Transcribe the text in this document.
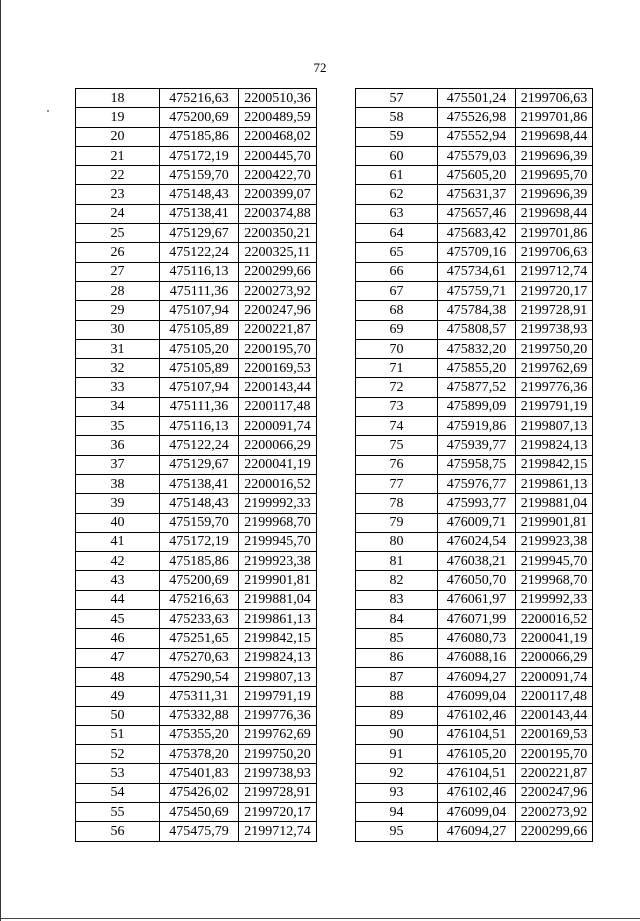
72
18	475216,63	2200510,36
19	475200,69	2200489,59
20	475185,86	2200468,02
21	475172,19	2200445,70
22	475159,70	2200422,70
23	475148,43	2200399,07
24	475138,41	2200374,88
25	475129,67	2200350,21
26	475122,24	2200325,11
27	475116,13	2200299,66
28	475111,36	2200273,92
29	475107,94	2200247,96
30	475105,89	2200221,87
31	475105,20	2200195,70
32	475105,89	2200169,53
33	475107,94	2200143,44
34	475111,36	2200117,48
35	475116,13	2200091,74
36	475122,24	2200066,29
37	475129,67	2200041,19
38	475138,41	2200016,52
39	475148,43	2199992,33
40	475159,70	2199968,70
41	475172,19	2199945,70
42	475185,86	2199923,38
43	475200,69	2199901,81
44	475216,63	2199881,04
45	475233,63	2199861,13
46	475251,65	2199842,15
47	475270,63	2199824,13
48	475290,54	2199807,13
49	475311,31	2199791,19
50	475332,88	2199776,36
51	475355,20	2199762,69
52	475378,20	2199750,20
53	475401,83	2199738,93
54	475426,02	2199728,91
55	475450,69	2199720,17
56	475475,79	2199712,74
57	475501,24	2199706,63
58	475526,98	2199701,86
59	475552,94	2199698,44
60	475579,03	2199696,39
61	475605,20	2199695,70
62	475631,37	2199696,39
63	475657,46	2199698,44
64	475683,42	2199701,86
65	475709,16	2199706,63
66	475734,61	2199712,74
67	475759,71	2199720,17
68	475784,38	2199728,91
69	475808,57	2199738,93
70	475832,20	2199750,20
71	475855,20	2199762,69
72	475877,52	2199776,36
73	475899,09	2199791,19
74	475919,86	2199807,13
75	475939,77	2199824,13
76	475958,75	2199842,15
77	475976,77	2199861,13
78	475993,77	2199881,04
79	476009,71	2199901,81
80	476024,54	2199923,38
81	476038,21	2199945,70
82	476050,70	2199968,70
83	476061,97	2199992,33
84	476071,99	2200016,52
85	476080,73	2200041,19
86	476088,16	2200066,29
87	476094,27	2200091,74
88	476099,04	2200117,48
89	476102,46	2200143,44
90	476104,51	2200169,53
91	476105,20	2200195,70
92	476104,51	2200221,87
93	476102,46	2200247,96
94	476099,04	2200273,92
95	476094,27	2200299,66
